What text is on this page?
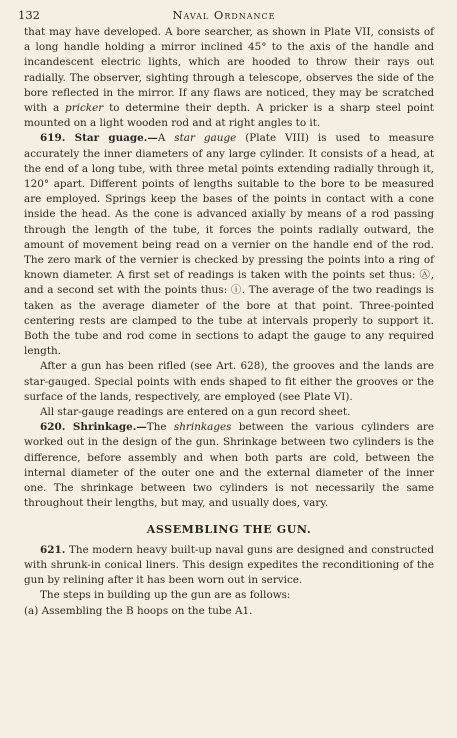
132	Naval Ordnance

that may have developed. A bore searcher, as shown in Plate VII, consists of a long handle holding a mirror inclined 45° to the axis of the handle and incandescent electric lights, which are hooded to throw their rays out radially. The observer, sighting through a telescope, observes the side of the bore reflected in the mirror. If any flaws are noticed, they may be scratched with a pricker to determine their depth. A pricker is a sharp steel point mounted on a light wooden rod and at right angles to it.

619. Star guage.—A star gauge (Plate VIII) is used to measure accurately the inner diameters of any large cylinder. It consists of a head, at the end of a long tube, with three metal points extending radially through it, 120° apart. Different points of lengths suitable to the bore to be measured are employed. Springs keep the bases of the points in contact with a cone inside the head. As the cone is advanced axially by means of a rod passing through the length of the tube, it forces the points radially outward, the amount of movement being read on a vernier on the handle end of the rod. The zero mark of the vernier is checked by pressing the points into a ring of known diameter. A first set of readings is taken with the points set thus: Ⓐ, and a second set with the points thus: ⓘ. The average of the two readings is taken as the average diameter of the bore at that point. Three-pointed centering rests are clamped to the tube at intervals properly to support it. Both the tube and rod come in sections to adapt the gauge to any required length.

After a gun has been rifled (see Art. 628), the grooves and the lands are star-gauged. Special points with ends shaped to fit either the grooves or the surface of the lands, respectively, are employed (see Plate VI).

All star-gauge readings are entered on a gun record sheet.

620. Shrinkage.—The shrinkages between the various cylinders are worked out in the design of the gun. Shrinkage between two cylinders is the difference, before assembly and when both parts are cold, between the internal diameter of the outer one and the external diameter of the inner one. The shrinkage between two cylinders is not necessarily the same throughout their lengths, but may, and usually does, vary.

ASSEMBLING THE GUN.

621. The modern heavy built-up naval guns are designed and constructed with shrunk-in conical liners. This design expedites the reconditioning of the gun by relining after it has been worn out in service.

The steps in building up the gun are as follows:

(a) Assembling the B hoops on the tube A1.
